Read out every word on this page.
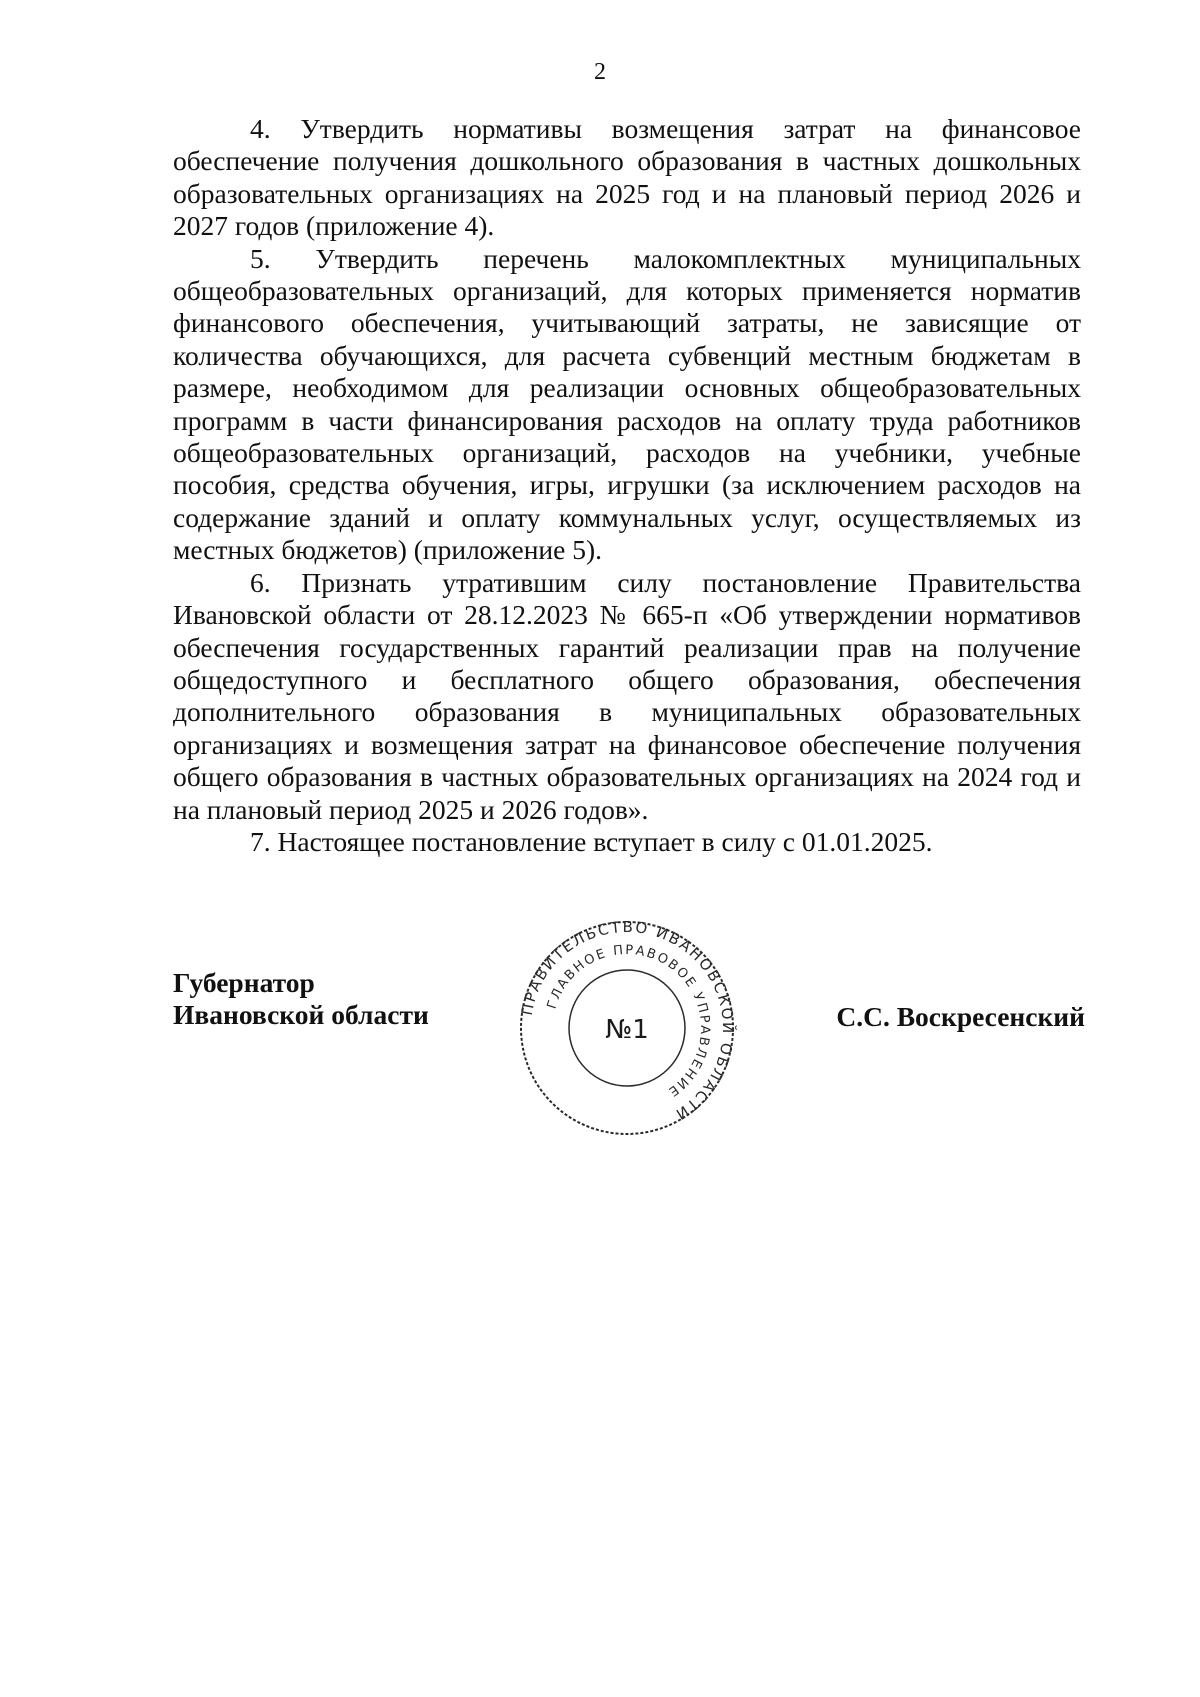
2

4. Утвердить нормативы возмещения затрат на финансовое обеспечение получения дошкольного образования в частных дошкольных образовательных организациях на 2025 год и на плановый период 2026 и 2027 годов (приложение 4).

5. Утвердить перечень малокомплектных муниципальных общеобразовательных организаций, для которых применяется норматив финансового обеспечения, учитывающий затраты, не зависящие от количества обучающихся, для расчета субвенций местным бюджетам в размере, необходимом для реализации основных общеобразовательных программ в части финансирования расходов на оплату труда работников общеобразовательных организаций, расходов на учебники, учебные пособия, средства обучения, игры, игрушки (за исключением расходов на содержание зданий и оплату коммунальных услуг, осуществляемых из местных бюджетов) (приложение 5).

6. Признать утратившим силу постановление Правительства Ивановской области от 28.12.2023 № 665-п «Об утверждении нормативов обеспечения государственных гарантий реализации прав на получение общедоступного и бесплатного общего образования, обеспечения дополнительного образования в муниципальных образовательных организациях и возмещения затрат на финансовое обеспечение получения общего образования в частных образовательных организациях на 2024 год и на плановый период 2025 и 2026 годов».

7. Настоящее постановление вступает в силу с 01.01.2025.

Губернатор
Ивановской области	ПРАВИТЕЛЬСТВО ИВАНОВСКОЙ ОБЛАСТИ
ГЛАВНОЕ ПРАВОВОЕ УПРАВЛЕНИЕ
№1	С.С. Воскресенский
